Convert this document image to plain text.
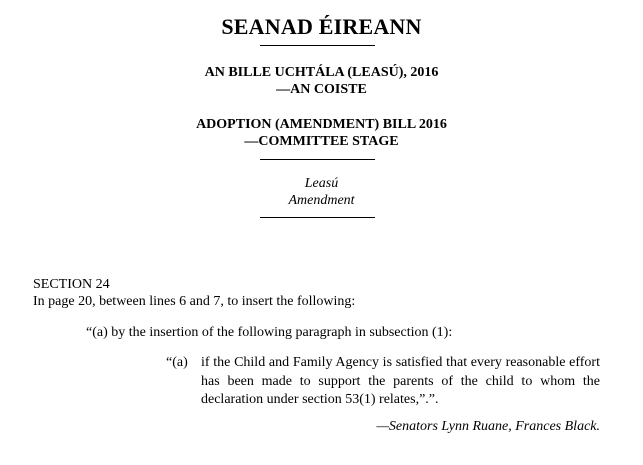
SEANAD ÉIREANN
AN BILLE UCHTÁLA (LEASÚ), 2016
—AN COISTE
ADOPTION (AMENDMENT) BILL 2016
—COMMITTEE STAGE
Leasú
Amendment
SECTION 24
In page 20, between lines 6 and 7, to insert the following:
“(a) by the insertion of the following paragraph in subsection (1):
“(a) if the Child and Family Agency is satisfied that every reasonable effort has been made to support the parents of the child to whom the declaration under section 53(1) relates,”.”.
—Senators Lynn Ruane, Frances Black.
